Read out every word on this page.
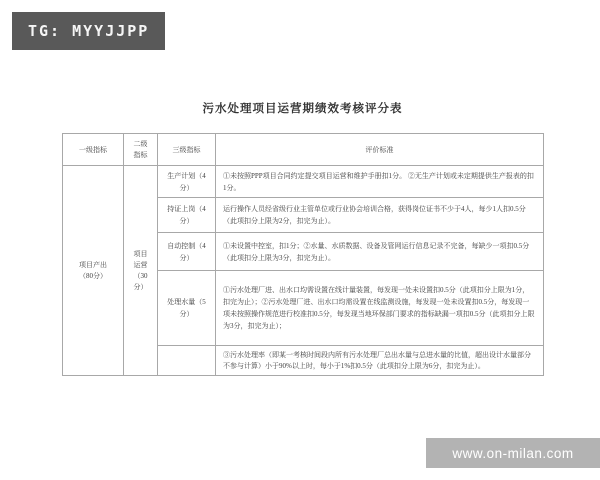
TG: MYYJJPP
污水处理项目运营期绩效考核评分表
一级指标	二级指标	三级指标	评价标准
项目产出（80分）	项目运营（30分）	生产计划（4分）	①未按照PPP项目合同约定提交项目运营和维护手册扣1分。 ②无生产计划或未定期提供生产报表的扣1分。
		持证上岗（4分）	运行操作人员经省级行业主管单位或行业协会培训合格，获得岗位证书不少于4人，每少1人扣0.5分（此项扣分上限为2分，扣完为止）。
		自动控制（4分）	①未设置中控室，扣1分；②水量、水质数据、设备及管网运行信息记录不完备，每缺少一项扣0.5分（此项扣分上限为3分，扣完为止）。
		处理水量（5分）	①污水处理厂进、出水口均需设置在线计量装置，每发现一处未设置扣0.5分（此项扣分上限为1分，扣完为止）；②污水处理厂进、出水口均需设置在线监测设施，每发现一处未设置扣0.5分，每发现一项未按照操作规范进行校准扣0.5分，每发现当地环保部门要求的指标缺漏一项扣0.5分（此项扣分上限为3分，扣完为止）；
			③污水处理率（即某一考核时间段内所有污水处理厂总出水量与总进水量的比值，超出设计水量部分不参与计算）小于90%以上时，每小于1%扣0.5分（此项扣分上限为6分，扣完为止）。
www.on-milan.com
